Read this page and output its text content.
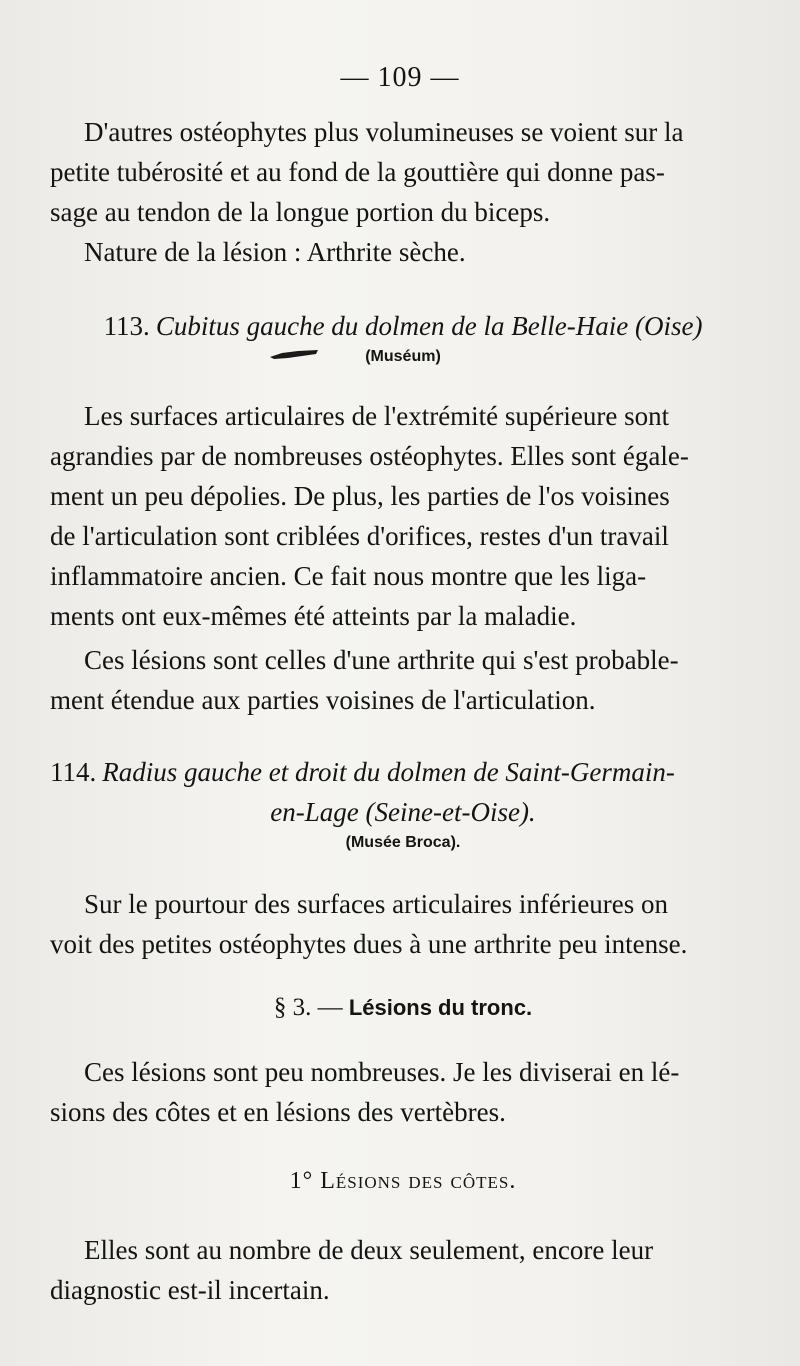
— 109 —

D'autres ostéophytes plus volumineuses se voient sur la

petite tubérosité et au fond de la gouttière qui donne pas-

sage au tendon de la longue portion du biceps.

Nature de la lésion : Arthrite sèche.

113. Cubitus gauche du dolmen de la Belle-Haie (Oise)
(Muséum)

Les surfaces articulaires de l'extrémité supérieure sont

agrandies par de nombreuses ostéophytes. Elles sont égale-

ment un peu dépolies. De plus, les parties de l'os voisines

de l'articulation sont criblées d'orifices, restes d'un travail

inflammatoire ancien. Ce fait nous montre que les liga-

ments ont eux-mêmes été atteints par la maladie.

Ces lésions sont celles d'une arthrite qui s'est probable-

ment étendue aux parties voisines de l'articulation.

114. Radius gauche et droit du dolmen de Saint-Germain-
en-Lage (Seine-et-Oise).
(Musée Broca).

Sur le pourtour des surfaces articulaires inférieures on

voit des petites ostéophytes dues à une arthrite peu intense.

§ 3. — Lésions du tronc.

Ces lésions sont peu nombreuses. Je les diviserai en lé-

sions des côtes et en lésions des vertèbres.

1° Lésions des côtes.

Elles sont au nombre de deux seulement, encore leur

diagnostic est-il incertain.
